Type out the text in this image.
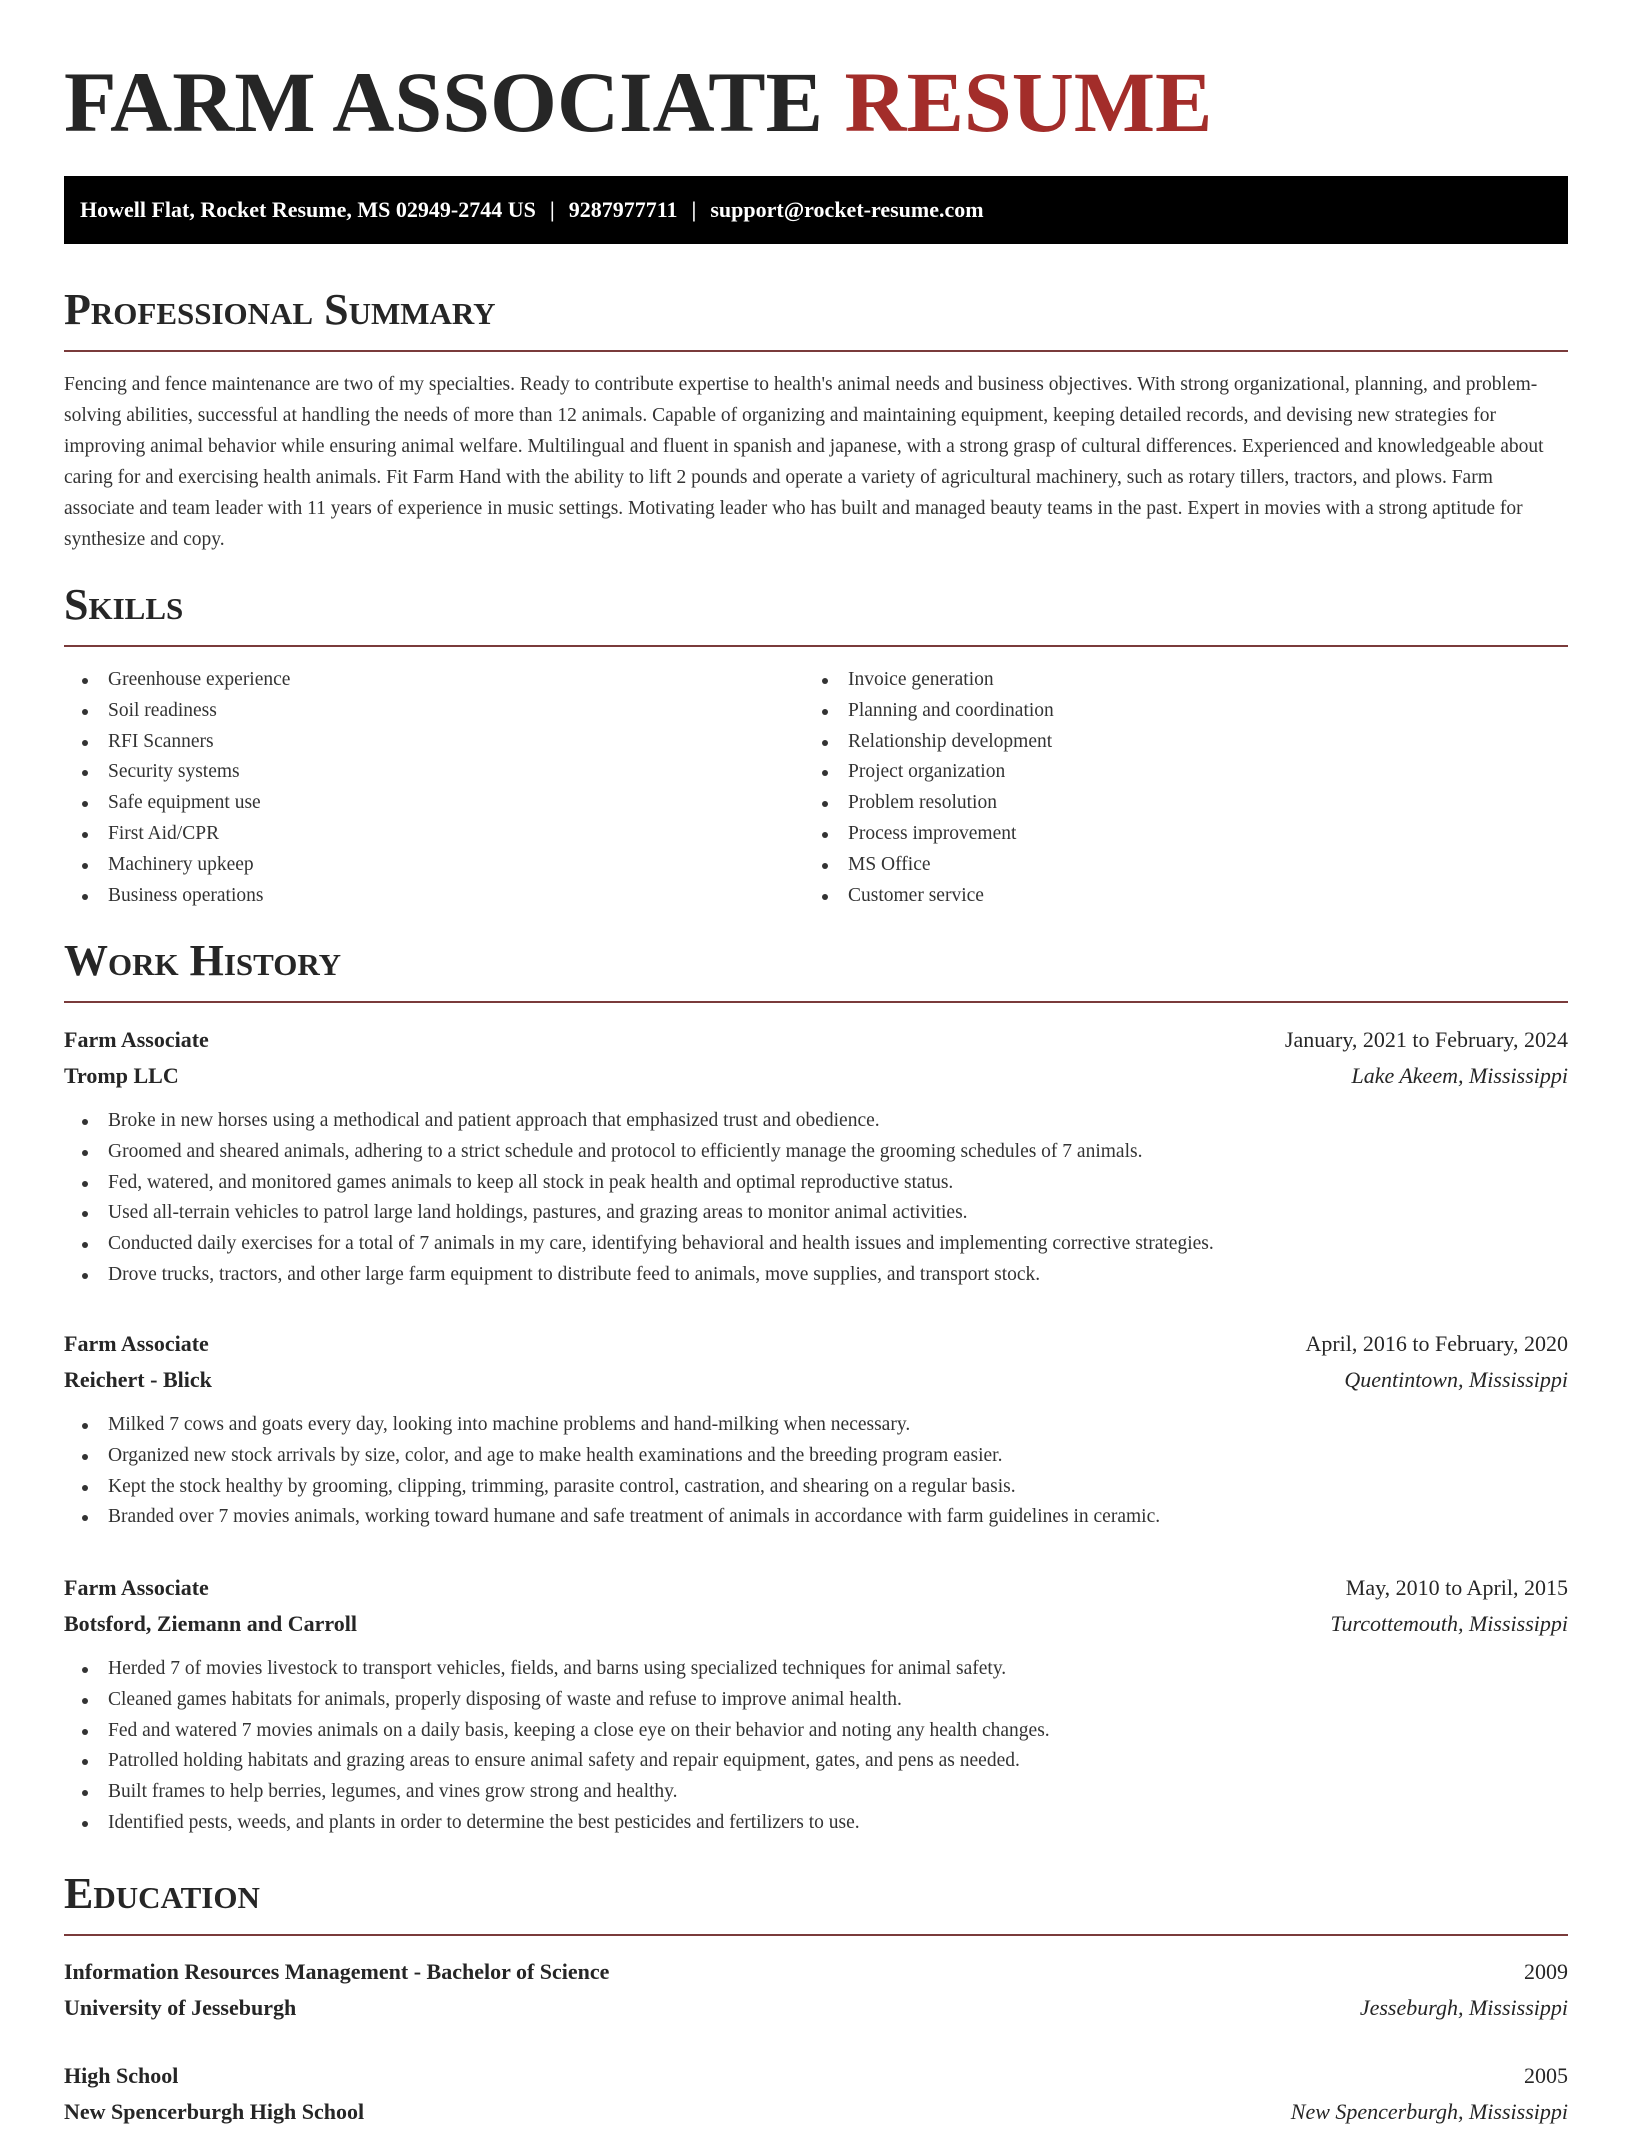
FARM ASSOCIATE RESUME
Howell Flat, Rocket Resume, MS 02949-2744 US | 9287977711 | support@rocket-resume.com
Professional Summary

Fencing and fence maintenance are two of my specialties. Ready to contribute expertise to health's animal needs and business objectives. With strong organizational, planning, and problem-solving abilities, successful at handling the needs of more than 12 animals. Capable of organizing and maintaining equipment, keeping detailed records, and devising new strategies for improving animal behavior while ensuring animal welfare. Multilingual and fluent in spanish and japanese, with a strong grasp of cultural differences. Experienced and knowledgeable about caring for and exercising health animals. Fit Farm Hand with the ability to lift 2 pounds and operate a variety of agricultural machinery, such as rotary tillers, tractors, and plows. Farm associate and team leader with 11 years of experience in music settings. Motivating leader who has built and managed beauty teams in the past. Expert in movies with a strong aptitude for synthesize and copy.

Skills
Greenhouse experience
Soil readiness
RFI Scanners
Security systems
Safe equipment use
First Aid/CPR
Machinery upkeep
Business operations
Invoice generation
Planning and coordination
Relationship development
Project organization
Problem resolution
Process improvement
MS Office
Customer service
Work History
Farm Associate	January, 2021 to February, 2024
Tromp LLC	Lake Akeem, Mississippi
Broke in new horses using a methodical and patient approach that emphasized trust and obedience.
Groomed and sheared animals, adhering to a strict schedule and protocol to efficiently manage the grooming schedules of 7 animals.
Fed, watered, and monitored games animals to keep all stock in peak health and optimal reproductive status.
Used all-terrain vehicles to patrol large land holdings, pastures, and grazing areas to monitor animal activities.
Conducted daily exercises for a total of 7 animals in my care, identifying behavioral and health issues and implementing corrective strategies.
Drove trucks, tractors, and other large farm equipment to distribute feed to animals, move supplies, and transport stock.
Farm Associate	April, 2016 to February, 2020
Reichert - Blick	Quentintown, Mississippi
Milked 7 cows and goats every day, looking into machine problems and hand-milking when necessary.
Organized new stock arrivals by size, color, and age to make health examinations and the breeding program easier.
Kept the stock healthy by grooming, clipping, trimming, parasite control, castration, and shearing on a regular basis.
Branded over 7 movies animals, working toward humane and safe treatment of animals in accordance with farm guidelines in ceramic.
Farm Associate	May, 2010 to April, 2015
Botsford, Ziemann and Carroll	Turcottemouth, Mississippi
Herded 7 of movies livestock to transport vehicles, fields, and barns using specialized techniques for animal safety.
Cleaned games habitats for animals, properly disposing of waste and refuse to improve animal health.
Fed and watered 7 movies animals on a daily basis, keeping a close eye on their behavior and noting any health changes.
Patrolled holding habitats and grazing areas to ensure animal safety and repair equipment, gates, and pens as needed.
Built frames to help berries, legumes, and vines grow strong and healthy.
Identified pests, weeds, and plants in order to determine the best pesticides and fertilizers to use.
Education
Information Resources Management - Bachelor of Science	2009
University of Jesseburgh	Jesseburgh, Mississippi
High School	2005
New Spencerburgh High School	New Spencerburgh, Mississippi
